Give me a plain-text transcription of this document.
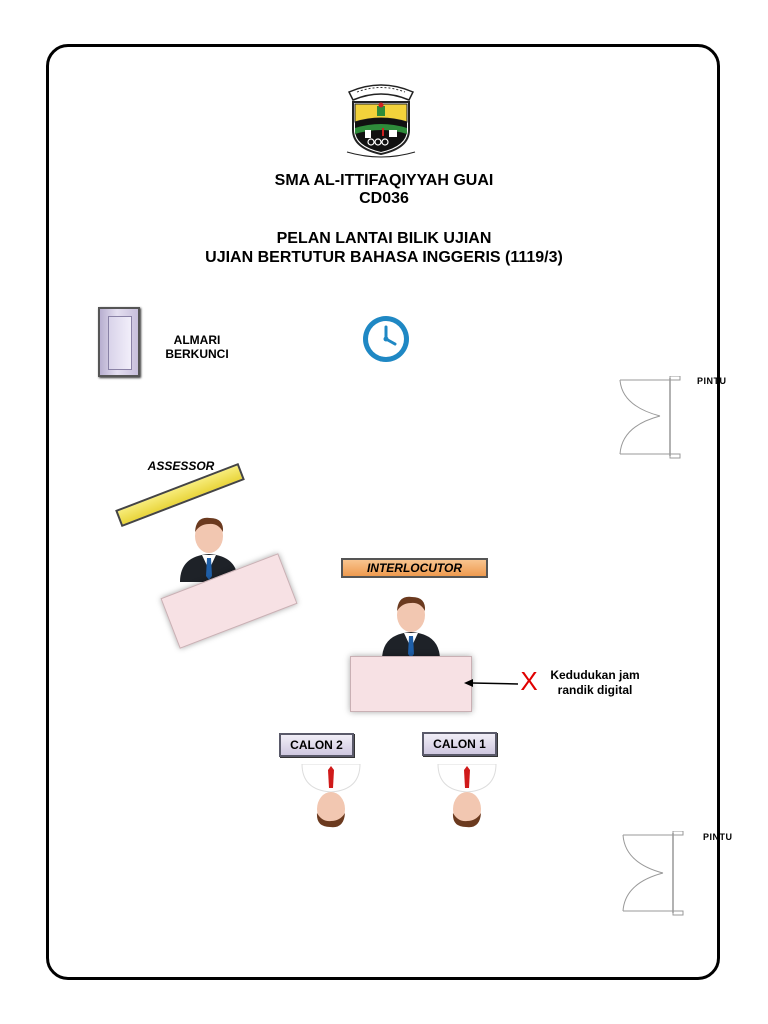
SMA AL-ITTIFAQIYYAH GUAI
CD036
PELAN LANTAI BILIK UJIAN
UJIAN BERTUTUR BAHASA INGGERIS (1119/3)
ALMARI
BERKUNCI
PINTU
PINTU
ASSESSOR
INTERLOCUTOR
X	Kedudukan jam
randik digital
CALON 2	CALON 1
